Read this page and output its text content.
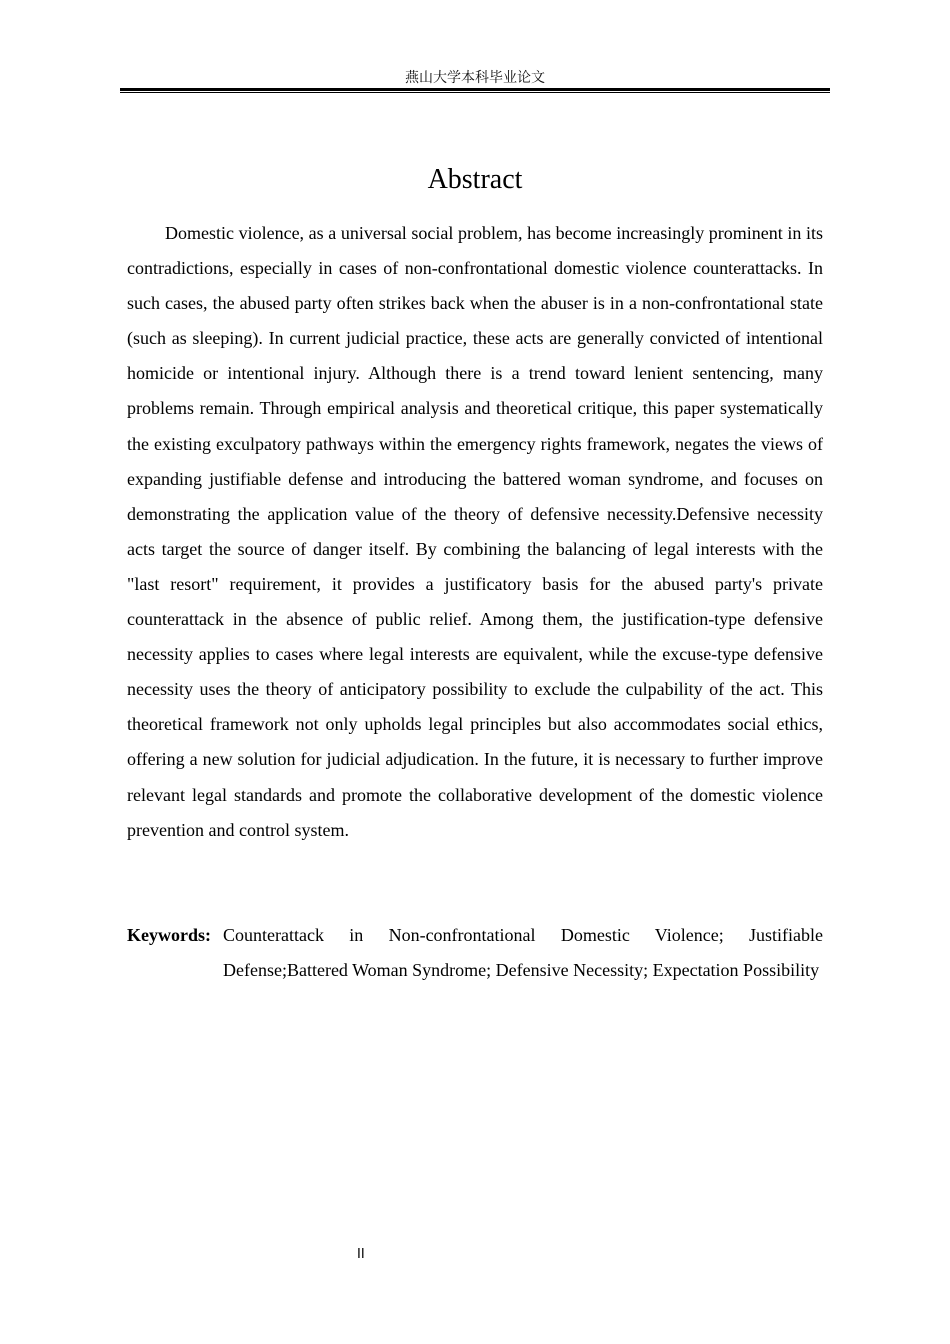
燕山大学本科毕业论文
Abstract

Domestic violence, as a universal social problem, has become increasingly prominent in its contradictions, especially in cases of non-confrontational domestic violence counterattacks. In such cases, the abused party often strikes back when the abuser is in a non-confrontational state (such as sleeping). In current judicial practice, these acts are generally convicted of intentional homicide or intentional injury. Although there is a trend toward lenient sentencing, many problems remain. Through empirical analysis and theoretical critique, this paper systematically the existing exculpatory pathways within the emergency rights framework, negates the views of expanding justifiable defense and introducing the battered woman syndrome, and focuses on demonstrating the application value of the theory of defensive necessity.Defensive necessity acts target the source of danger itself. By combining the balancing of legal interests with the "last resort" requirement, it provides a justificatory basis for the abused party's private counterattack in the absence of public relief. Among them, the justification-type defensive necessity applies to cases where legal interests are equivalent, while the excuse-type defensive necessity uses the theory of anticipatory possibility to exclude the culpability of the act. This theoretical framework not only upholds legal principles but also accommodates social ethics, offering a new solution for judicial adjudication. In the future, it is necessary to further improve relevant legal standards and promote the collaborative development of the domestic violence prevention and control system.

Keywords: Counterattack in Non-confrontational Domestic Violence; Justifiable Defense;Battered Woman Syndrome; Defensive Necessity; Expectation Possibility
II
